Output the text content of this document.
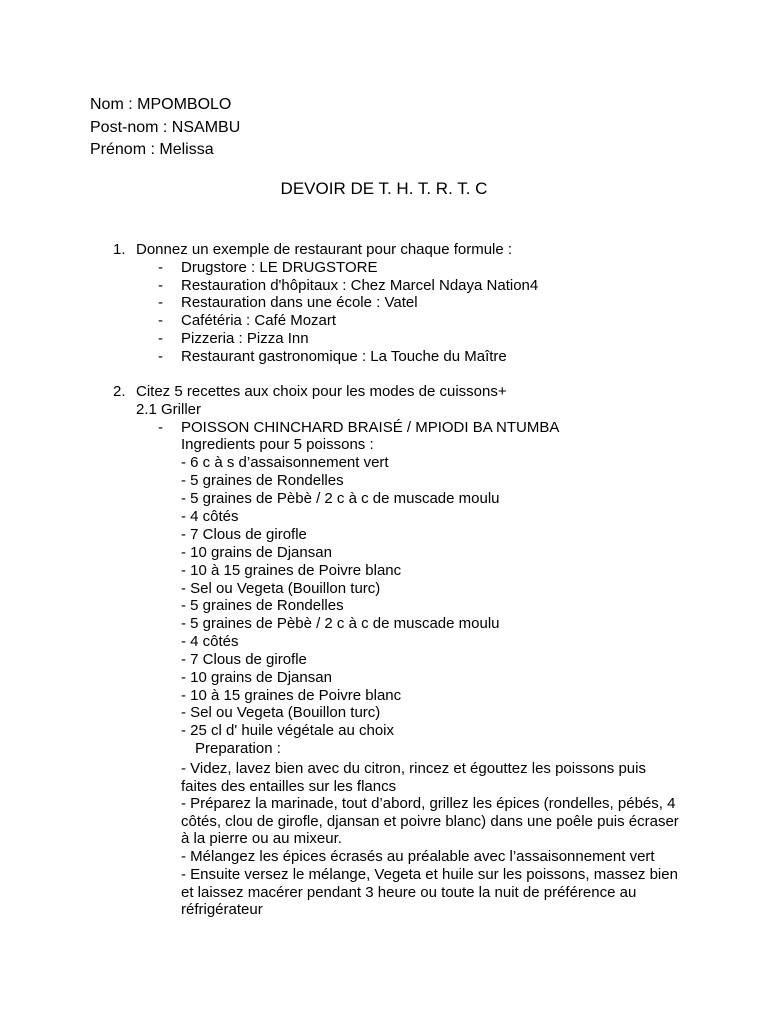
Nom : MPOMBOLO
Post-nom : NSAMBU
Prénom : Melissa
DEVOIR DE T. H. T. R. T. C
1. Donnez un exemple de restaurant pour chaque formule :
- Drugstore : LE DRUGSTORE
- Restauration d'hôpitaux : Chez Marcel Ndaya Nation4
- Restauration dans une école : Vatel
- Cafétéria : Café Mozart
- Pizzeria : Pizza Inn
- Restaurant gastronomique : La Touche du Maître
2. Citez 5 recettes aux choix pour les modes de cuissons+
2.1 Griller
- POISSON CHINCHARD BRAISÉ / MPIODI BA NTUMBA
Ingredients pour 5 poissons :
- 6 c à s d’assaisonnement vert
- 5 graines de Rondelles
- 5 graines de Pèbè / 2 c à c de muscade moulu
- 4 côtés
- 7 Clous de girofle
- 10 grains de Djansan
- 10 à 15 graines de Poivre blanc
- Sel ou Vegeta (Bouillon turc)
- 5 graines de Rondelles
- 5 graines de Pèbè / 2 c à c de muscade moulu
- 4 côtés
- 7 Clous de girofle
- 10 grains de Djansan
- 10 à 15 graines de Poivre blanc
- Sel ou Vegeta (Bouillon turc)
- 25 cl d' huile végétale au choix
Preparation :
- Videz, lavez bien avec du citron, rincez et égouttez les poissons puis faites des entailles sur les flancs
- Préparez la marinade, tout d’abord, grillez les épices (rondelles, pébés, 4 côtés, clou de girofle, djansan et poivre blanc) dans une poêle puis écraser à la pierre ou au mixeur.
- Mélangez les épices écrasés au préalable avec l’assaisonnement vert
- Ensuite versez le mélange, Vegeta et huile sur les poissons, massez bien et laissez macérer pendant 3 heure ou toute la nuit de préférence au réfrigérateur
